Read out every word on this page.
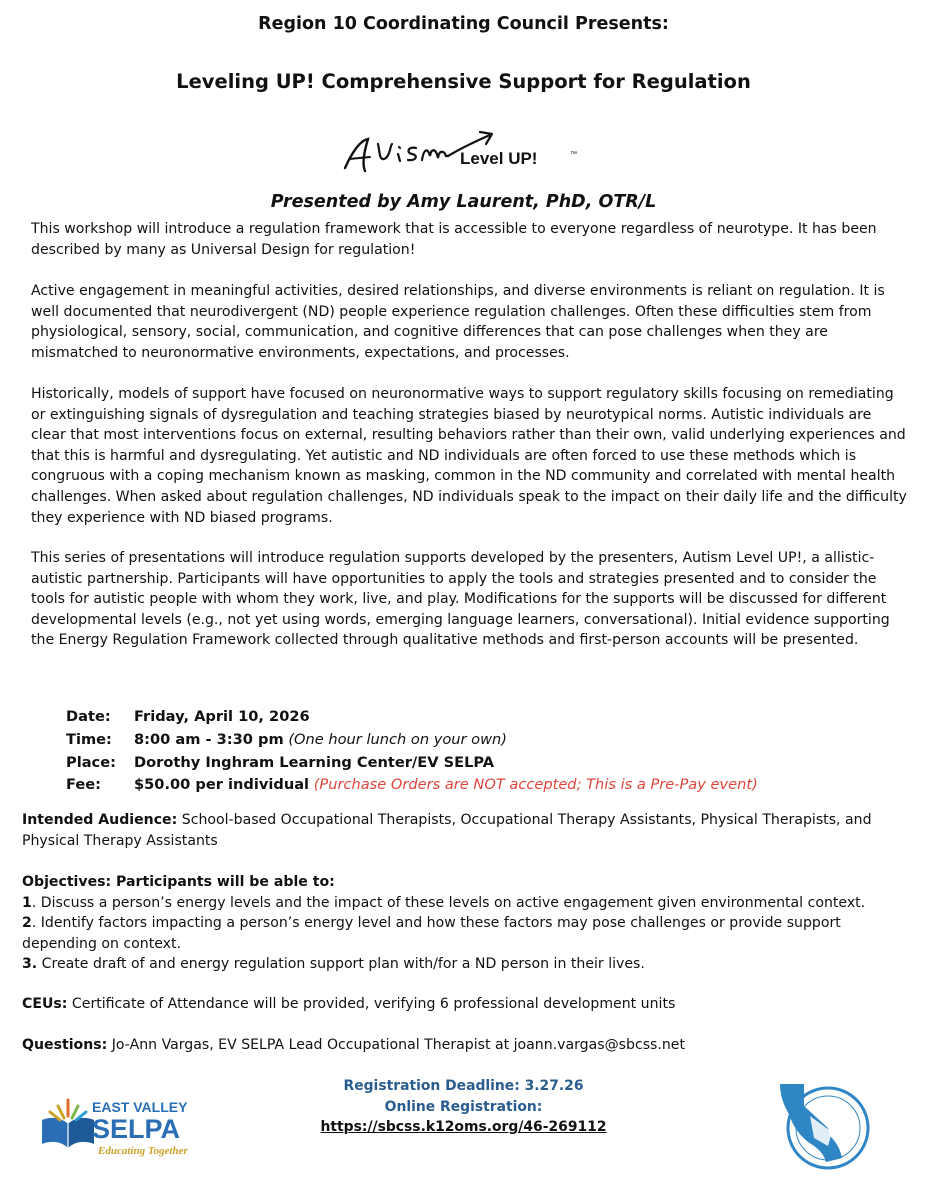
Region 10 Coordinating Council Presents:
Leveling UP! Comprehensive Support for Regulation
Level UP!	™
Presented by Amy Laurent, PhD, OTR/L

This workshop will introduce a regulation framework that is accessible to everyone regardless of neurotype. It has been described by many as Universal Design for regulation!

Active engagement in meaningful activities, desired relationships, and diverse environments is reliant on regulation. It is well documented that neurodivergent (ND) people experience regulation challenges. Often these difficulties stem from physiological, sensory, social, communication, and cognitive differences that can pose challenges when they are mismatched to neuronormative environments, expectations, and processes.

Historically, models of support have focused on neuronormative ways to support regulatory skills focusing on remediating or extinguishing signals of dysregulation and teaching strategies biased by neurotypical norms. Autistic individuals are clear that most interventions focus on external, resulting behaviors rather than their own, valid underlying experiences and that this is harmful and dysregulating. Yet autistic and ND individuals are often forced to use these methods which is congruous with a coping mechanism known as masking, common in the ND community and correlated with mental health challenges. When asked about regulation challenges, ND individuals speak to the impact on their daily life and the difficulty they experience with ND biased programs.

This series of presentations will introduce regulation supports developed by the presenters, Autism Level UP!, a allistic-autistic partnership. Participants will have opportunities to apply the tools and strategies presented and to consider the tools for autistic people with whom they work, live, and play. Modifications for the supports will be discussed for different developmental levels (e.g., not yet using words, emerging language learners, conversational). Initial evidence supporting the Energy Regulation Framework collected through qualitative methods and first-person accounts will be presented.

Date: Friday, April 10, 2026
Time: 8:00 am - 3:30 pm (One hour lunch on your own)
Place: Dorothy Inghram Learning Center/EV SELPA
Fee: $50.00 per individual (Purchase Orders are NOT accepted; This is a Pre-Pay event)

Intended Audience: School-based Occupational Therapists, Occupational Therapy Assistants, Physical Therapists, and Physical Therapy Assistants

Objectives: Participants will be able to:
1. Discuss a person’s energy levels and the impact of these levels on active engagement given environmental context.
2. Identify factors impacting a person’s energy level and how these factors may pose challenges or provide support depending on context.
3. Create draft of and energy regulation support plan with/for a ND person in their lives.

CEUs: Certificate of Attendance will be provided, verifying 6 professional development units

Questions: Jo-Ann Vargas, EV SELPA Lead Occupational Therapist at joann.vargas@sbcss.net

Registration Deadline: 3.27.26
Online Registration:
https://sbcss.k12oms.org/46-269112
EAST VALLEY
SELPA
Educating Together
